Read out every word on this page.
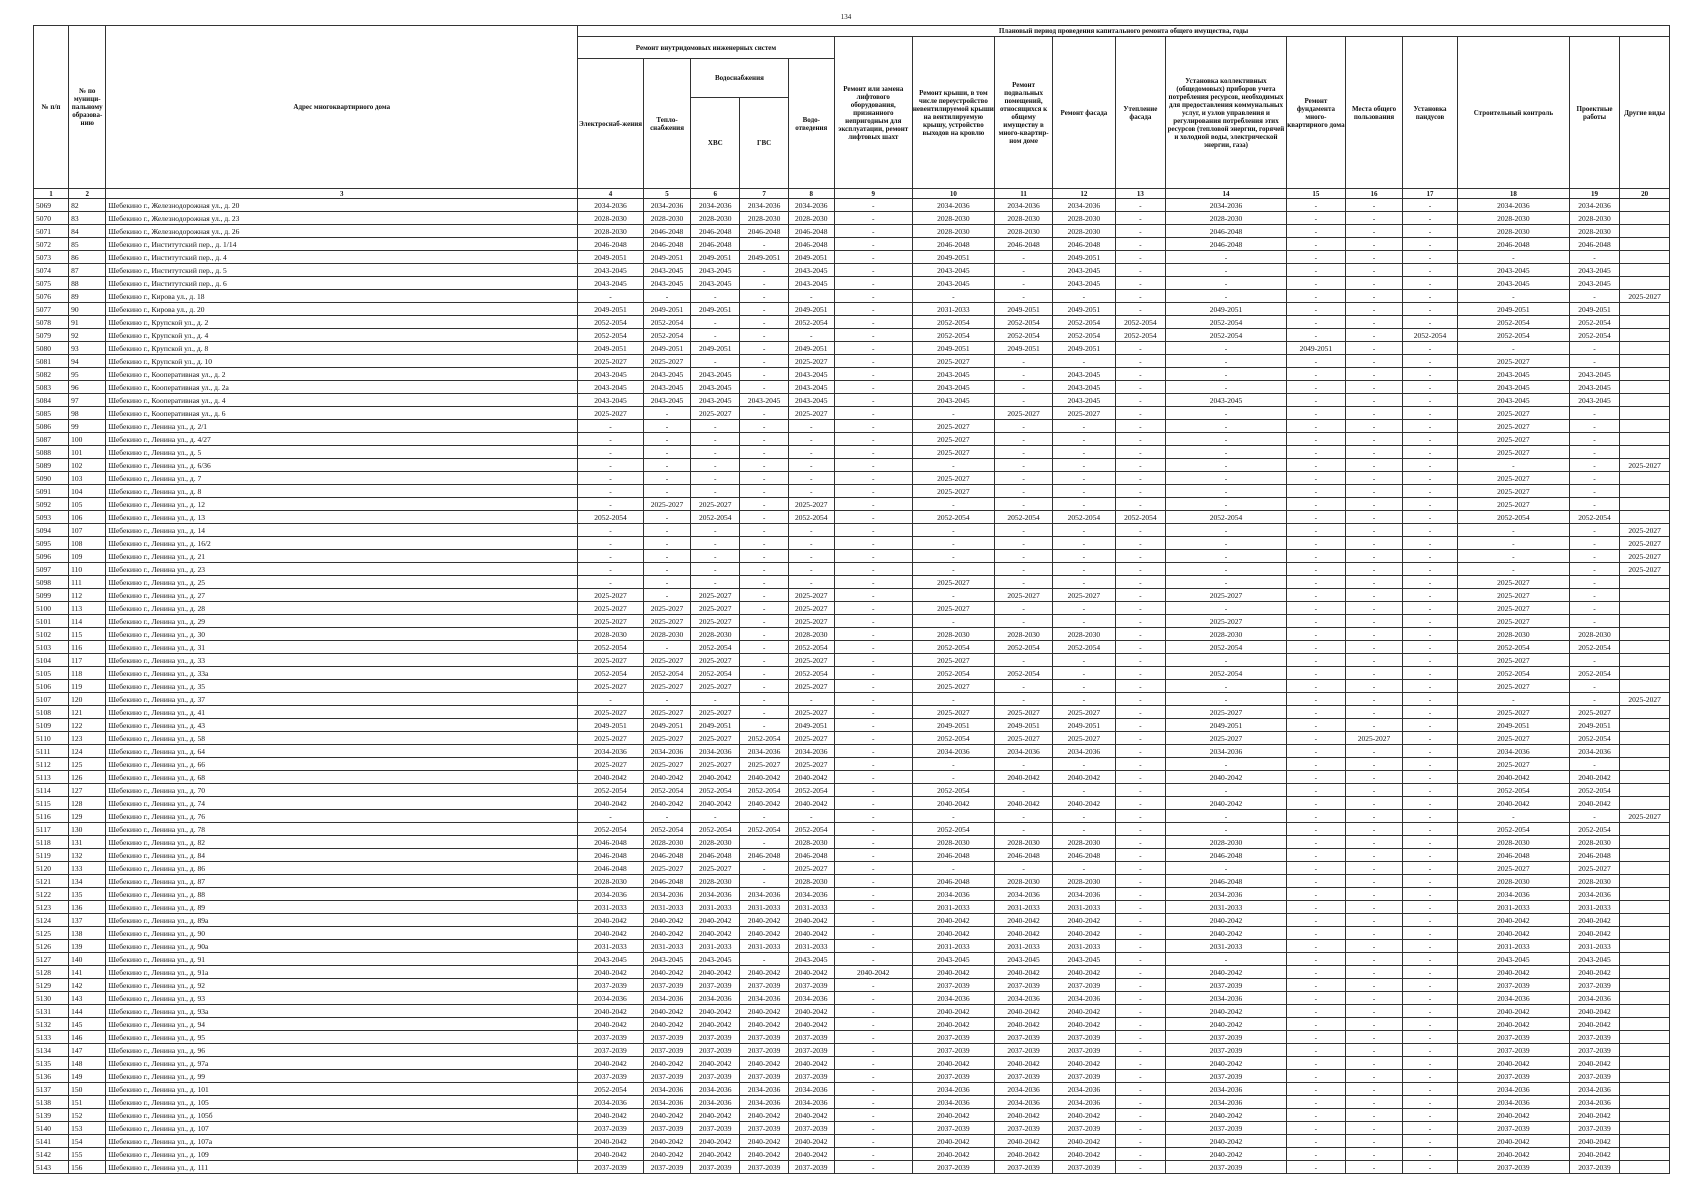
134
№ п/п	№ по муници-пальному образова-нию	Адрес многоквартирного дома	Плановый период проведения капитального ремонта общего имущества, годы																
			Ремонт внутридомовых инженерных систем					Ремонт или замена лифтового оборудования, признанного непригодным для эксплуатации, ремонт лифтовых шахт	Ремонт крыши, в том числе переустройство невентилируемой крыши на вентилируемую крышу, устройство выходов на кровлю	Ремонт подвальных помещений, относящихся к общему имуществу в много-квартир-ном доме	Ремонт фасада	Утепление фасада	Установка коллективных (общедомовых) приборов учета потребления ресурсов, необходимых для предоставления коммунальных услуг, и узлов управления и регулирования потребления этих ресурсов (тепловой энергии, горячей и холодной воды, электрической энергии, газа)	Ремонт фундамента много-квартирного дома	Места общего пользования	Установка пандусов	Строительный контроль	Проектные работы	Другие виды
			Электроснаб-жения	Тепло-снабжения	Водоснабжения		Водо-отведения												
					ХВС	ГВС													
1	2	3	4	5	6	7	8	9	10	11	12	13	14	15	16	17	18	19	20
5069	82	Шебекино г., Железнодорожная ул., д. 20	2034-2036	2034-2036	2034-2036	2034-2036	2034-2036	-	2034-2036	2034-2036	2034-2036	-	2034-2036	-	-	-	2034-2036	2034-2036	
5070	83	Шебекино г., Железнодорожная ул., д. 23	2028-2030	2028-2030	2028-2030	2028-2030	2028-2030	-	2028-2030	2028-2030	2028-2030	-	2028-2030	-	-	-	2028-2030	2028-2030	
5071	84	Шебекино г., Железнодорожная ул., д. 26	2028-2030	2046-2048	2046-2048	2046-2048	2046-2048	-	2028-2030	2028-2030	2028-2030	-	2046-2048	-	-	-	2028-2030	2028-2030	
5072	85	Шебекино г., Институтский пер., д. 1/14	2046-2048	2046-2048	2046-2048	-	2046-2048	-	2046-2048	2046-2048	2046-2048	-	2046-2048	-	-	-	2046-2048	2046-2048	
5073	86	Шебекино г., Институтский пер., д. 4	2049-2051	2049-2051	2049-2051	2049-2051	2049-2051	-	2049-2051	-	2049-2051	-	-	-	-	-	-	-	
5074	87	Шебекино г., Институтский пер., д. 5	2043-2045	2043-2045	2043-2045	-	2043-2045	-	2043-2045	-	2043-2045	-	-	-	-	-	2043-2045	2043-2045	
5075	88	Шебекино г., Институтский пер., д. 6	2043-2045	2043-2045	2043-2045	-	2043-2045	-	2043-2045	-	2043-2045	-	-	-	-	-	2043-2045	2043-2045	
5076	89	Шебекино г., Кирова ул., д. 18	-	-	-	-	-	-	-	-	-	-	-	-	-	-	-	-	2025-2027
5077	90	Шебекино г., Кирова ул., д. 20	2049-2051	2049-2051	2049-2051	-	2049-2051	-	2031-2033	2049-2051	2049-2051	-	2049-2051	-	-	-	2049-2051	2049-2051	
5078	91	Шебекино г., Крупской ул., д. 2	2052-2054	2052-2054	-	-	2052-2054	-	2052-2054	2052-2054	2052-2054	2052-2054	2052-2054	-	-	-	2052-2054	2052-2054	
5079	92	Шебекино г., Крупской ул., д. 4	2052-2054	2052-2054	-	-	-	-	2052-2054	2052-2054	2052-2054	2052-2054	2052-2054	-	-	2052-2054	2052-2054	2052-2054	
5080	93	Шебекино г., Крупской ул., д. 8	2049-2051	2049-2051	2049-2051	-	2049-2051	-	2049-2051	2049-2051	2049-2051	-	-	2049-2051	-	-	-	-	
5081	94	Шебекино г., Крупской ул., д. 10	2025-2027	2025-2027	-	-	2025-2027	-	2025-2027	-	-	-	-	-	-	-	2025-2027	-	
5082	95	Шебекино г., Кооперативная ул., д. 2	2043-2045	2043-2045	2043-2045	-	2043-2045	-	2043-2045	-	2043-2045	-	-	-	-	-	2043-2045	2043-2045	
5083	96	Шебекино г., Кооперативная ул., д. 2а	2043-2045	2043-2045	2043-2045	-	2043-2045	-	2043-2045	-	2043-2045	-	-	-	-	-	2043-2045	2043-2045	
5084	97	Шебекино г., Кооперативная ул., д. 4	2043-2045	2043-2045	2043-2045	2043-2045	2043-2045	-	2043-2045	-	2043-2045	-	2043-2045	-	-	-	2043-2045	2043-2045	
5085	98	Шебекино г., Кооперативная ул., д. 6	2025-2027	-	2025-2027	-	2025-2027	-	-	2025-2027	2025-2027	-	-	-	-	-	2025-2027	-	
5086	99	Шебекино г., Ленина ул., д. 2/1	-	-	-	-	-	-	2025-2027	-	-	-	-	-	-	-	2025-2027	-	
5087	100	Шебекино г., Ленина ул., д. 4/27	-	-	-	-	-	-	2025-2027	-	-	-	-	-	-	-	2025-2027	-	
5088	101	Шебекино г., Ленина ул., д. 5	-	-	-	-	-	-	2025-2027	-	-	-	-	-	-	-	2025-2027	-	
5089	102	Шебекино г., Ленина ул., д. 6/36	-	-	-	-	-	-	-	-	-	-	-	-	-	-	-	-	2025-2027
5090	103	Шебекино г., Ленина ул., д. 7	-	-	-	-	-	-	2025-2027	-	-	-	-	-	-	-	2025-2027	-	
5091	104	Шебекино г., Ленина ул., д. 8	-	-	-	-	-	-	2025-2027	-	-	-	-	-	-	-	2025-2027	-	
5092	105	Шебекино г., Ленина ул., д. 12	-	2025-2027	2025-2027	-	2025-2027	-	-	-	-	-	-	-	-	-	2025-2027	-	
5093	106	Шебекино г., Ленина ул., д. 13	2052-2054	-	2052-2054	-	2052-2054	-	2052-2054	2052-2054	2052-2054	2052-2054	2052-2054	-	-	-	2052-2054	2052-2054	
5094	107	Шебекино г., Ленина ул., д. 14	-	-	-	-	-	-	-	-	-	-	-	-	-	-	-	-	2025-2027
5095	108	Шебекино г., Ленина ул., д. 16/2	-	-	-	-	-	-	-	-	-	-	-	-	-	-	-	-	2025-2027
5096	109	Шебекино г., Ленина ул., д. 21	-	-	-	-	-	-	-	-	-	-	-	-	-	-	-	-	2025-2027
5097	110	Шебекино г., Ленина ул., д. 23	-	-	-	-	-	-	-	-	-	-	-	-	-	-	-	-	2025-2027
5098	111	Шебекино г., Ленина ул., д. 25	-	-	-	-	-	-	2025-2027	-	-	-	-	-	-	-	2025-2027	-	
5099	112	Шебекино г., Ленина ул., д. 27	2025-2027	-	2025-2027	-	2025-2027	-	-	2025-2027	2025-2027	-	2025-2027	-	-	-	2025-2027	-	
5100	113	Шебекино г., Ленина ул., д. 28	2025-2027	2025-2027	2025-2027	-	2025-2027	-	2025-2027	-	-	-	-	-	-	-	2025-2027	-	
5101	114	Шебекино г., Ленина ул., д. 29	2025-2027	2025-2027	2025-2027	-	2025-2027	-	-	-	-	-	2025-2027	-	-	-	2025-2027	-	
5102	115	Шебекино г., Ленина ул., д. 30	2028-2030	2028-2030	2028-2030	-	2028-2030	-	2028-2030	2028-2030	2028-2030	-	2028-2030	-	-	-	2028-2030	2028-2030	
5103	116	Шебекино г., Ленина ул., д. 31	2052-2054	-	2052-2054	-	2052-2054	-	2052-2054	2052-2054	2052-2054	-	2052-2054	-	-	-	2052-2054	2052-2054	
5104	117	Шебекино г., Ленина ул., д. 33	2025-2027	2025-2027	2025-2027	-	2025-2027	-	2025-2027	-	-	-	-	-	-	-	2025-2027	-	
5105	118	Шебекино г., Ленина ул., д. 33а	2052-2054	2052-2054	2052-2054	-	2052-2054	-	2052-2054	2052-2054	-	-	2052-2054	-	-	-	2052-2054	2052-2054	
5106	119	Шебекино г., Ленина ул., д. 35	2025-2027	2025-2027	2025-2027	-	2025-2027	-	2025-2027	-	-	-	-	-	-	-	2025-2027	-	
5107	120	Шебекино г., Ленина ул., д. 37	-	-	-	-	-	-	-	-	-	-	-	-	-	-	-	-	2025-2027
5108	121	Шебекино г., Ленина ул., д. 41	2025-2027	2025-2027	2025-2027	-	2025-2027	-	2025-2027	2025-2027	2025-2027	-	2025-2027	-	-	-	2025-2027	2025-2027	
5109	122	Шебекино г., Ленина ул., д. 43	2049-2051	2049-2051	2049-2051	-	2049-2051	-	2049-2051	2049-2051	2049-2051	-	2049-2051	-	-	-	2049-2051	2049-2051	
5110	123	Шебекино г., Ленина ул., д. 58	2025-2027	2025-2027	2025-2027	2052-2054	2025-2027	-	2052-2054	2025-2027	2025-2027	-	2025-2027	-	2025-2027	-	2025-2027	2052-2054	
5111	124	Шебекино г., Ленина ул., д. 64	2034-2036	2034-2036	2034-2036	2034-2036	2034-2036	-	2034-2036	2034-2036	2034-2036	-	2034-2036	-	-	-	2034-2036	2034-2036	
5112	125	Шебекино г., Ленина ул., д. 66	2025-2027	2025-2027	2025-2027	2025-2027	2025-2027	-	-	-	-	-	-	-	-	-	2025-2027	-	
5113	126	Шебекино г., Ленина ул., д. 68	2040-2042	2040-2042	2040-2042	2040-2042	2040-2042	-	-	2040-2042	2040-2042	-	2040-2042	-	-	-	2040-2042	2040-2042	
5114	127	Шебекино г., Ленина ул., д. 70	2052-2054	2052-2054	2052-2054	2052-2054	2052-2054	-	2052-2054	-	-	-	-	-	-	-	2052-2054	2052-2054	
5115	128	Шебекино г., Ленина ул., д. 74	2040-2042	2040-2042	2040-2042	2040-2042	2040-2042	-	2040-2042	2040-2042	2040-2042	-	2040-2042	-	-	-	2040-2042	2040-2042	
5116	129	Шебекино г., Ленина ул., д. 76	-	-	-	-	-	-	-	-	-	-	-	-	-	-	-	-	2025-2027
5117	130	Шебекино г., Ленина ул., д. 78	2052-2054	2052-2054	2052-2054	2052-2054	2052-2054	-	2052-2054	-	-	-	-	-	-	-	2052-2054	2052-2054	
5118	131	Шебекино г., Ленина ул., д. 82	2046-2048	2028-2030	2028-2030	-	2028-2030	-	2028-2030	2028-2030	2028-2030	-	2028-2030	-	-	-	2028-2030	2028-2030	
5119	132	Шебекино г., Ленина ул., д. 84	2046-2048	2046-2048	2046-2048	2046-2048	2046-2048	-	2046-2048	2046-2048	2046-2048	-	2046-2048	-	-	-	2046-2048	2046-2048	
5120	133	Шебекино г., Ленина ул., д. 86	2046-2048	2025-2027	2025-2027	-	2025-2027	-	-	-	-	-	-	-	-	-	2025-2027	2025-2027	
5121	134	Шебекино г., Ленина ул., д. 87	2028-2030	2046-2048	2028-2030	-	2028-2030	-	2046-2048	2028-2030	2028-2030	-	2046-2048	-	-	-	2028-2030	2028-2030	
5122	135	Шебекино г., Ленина ул., д. 88	2034-2036	2034-2036	2034-2036	2034-2036	2034-2036	-	2034-2036	2034-2036	2034-2036	-	2034-2036	-	-	-	2034-2036	2034-2036	
5123	136	Шебекино г., Ленина ул., д. 89	2031-2033	2031-2033	2031-2033	2031-2033	2031-2033	-	2031-2033	2031-2033	2031-2033	-	2031-2033	-	-	-	2031-2033	2031-2033	
5124	137	Шебекино г., Ленина ул., д. 89а	2040-2042	2040-2042	2040-2042	2040-2042	2040-2042	-	2040-2042	2040-2042	2040-2042	-	2040-2042	-	-	-	2040-2042	2040-2042	
5125	138	Шебекино г., Ленина ул., д. 90	2040-2042	2040-2042	2040-2042	2040-2042	2040-2042	-	2040-2042	2040-2042	2040-2042	-	2040-2042	-	-	-	2040-2042	2040-2042	
5126	139	Шебекино г., Ленина ул., д. 90а	2031-2033	2031-2033	2031-2033	2031-2033	2031-2033	-	2031-2033	2031-2033	2031-2033	-	2031-2033	-	-	-	2031-2033	2031-2033	
5127	140	Шебекино г., Ленина ул., д. 91	2043-2045	2043-2045	2043-2045	-	2043-2045	-	2043-2045	2043-2045	2043-2045	-	-	-	-	-	2043-2045	2043-2045	
5128	141	Шебекино г., Ленина ул., д. 91а	2040-2042	2040-2042	2040-2042	2040-2042	2040-2042	2040-2042	2040-2042	2040-2042	2040-2042	-	2040-2042	-	-	-	2040-2042	2040-2042	
5129	142	Шебекино г., Ленина ул., д. 92	2037-2039	2037-2039	2037-2039	2037-2039	2037-2039	-	2037-2039	2037-2039	2037-2039	-	2037-2039	-	-	-	2037-2039	2037-2039	
5130	143	Шебекино г., Ленина ул., д. 93	2034-2036	2034-2036	2034-2036	2034-2036	2034-2036	-	2034-2036	2034-2036	2034-2036	-	2034-2036	-	-	-	2034-2036	2034-2036	
5131	144	Шебекино г., Ленина ул., д. 93а	2040-2042	2040-2042	2040-2042	2040-2042	2040-2042	-	2040-2042	2040-2042	2040-2042	-	2040-2042	-	-	-	2040-2042	2040-2042	
5132	145	Шебекино г., Ленина ул., д. 94	2040-2042	2040-2042	2040-2042	2040-2042	2040-2042	-	2040-2042	2040-2042	2040-2042	-	2040-2042	-	-	-	2040-2042	2040-2042	
5133	146	Шебекино г., Ленина ул., д. 95	2037-2039	2037-2039	2037-2039	2037-2039	2037-2039	-	2037-2039	2037-2039	2037-2039	-	2037-2039	-	-	-	2037-2039	2037-2039	
5134	147	Шебекино г., Ленина ул., д. 96	2037-2039	2037-2039	2037-2039	2037-2039	2037-2039	-	2037-2039	2037-2039	2037-2039	-	2037-2039	-	-	-	2037-2039	2037-2039	
5135	148	Шебекино г., Ленина ул., д. 97а	2040-2042	2040-2042	2040-2042	2040-2042	2040-2042	-	2040-2042	2040-2042	2040-2042	-	2040-2042	-	-	-	2040-2042	2040-2042	
5136	149	Шебекино г., Ленина ул., д. 99	2037-2039	2037-2039	2037-2039	2037-2039	2037-2039	-	2037-2039	2037-2039	2037-2039	-	2037-2039	-	-	-	2037-2039	2037-2039	
5137	150	Шебекино г., Ленина ул., д. 101	2052-2054	2034-2036	2034-2036	2034-2036	2034-2036	-	2034-2036	2034-2036	2034-2036	-	2034-2036	-	-	-	2034-2036	2034-2036	
5138	151	Шебекино г., Ленина ул., д. 105	2034-2036	2034-2036	2034-2036	2034-2036	2034-2036	-	2034-2036	2034-2036	2034-2036	-	2034-2036	-	-	-	2034-2036	2034-2036	
5139	152	Шебекино г., Ленина ул., д. 105б	2040-2042	2040-2042	2040-2042	2040-2042	2040-2042	-	2040-2042	2040-2042	2040-2042	-	2040-2042	-	-	-	2040-2042	2040-2042	
5140	153	Шебекино г., Ленина ул., д. 107	2037-2039	2037-2039	2037-2039	2037-2039	2037-2039	-	2037-2039	2037-2039	2037-2039	-	2037-2039	-	-	-	2037-2039	2037-2039	
5141	154	Шебекино г., Ленина ул., д. 107а	2040-2042	2040-2042	2040-2042	2040-2042	2040-2042	-	2040-2042	2040-2042	2040-2042	-	2040-2042	-	-	-	2040-2042	2040-2042	
5142	155	Шебекино г., Ленина ул., д. 109	2040-2042	2040-2042	2040-2042	2040-2042	2040-2042	-	2040-2042	2040-2042	2040-2042	-	2040-2042	-	-	-	2040-2042	2040-2042	
5143	156	Шебекино г., Ленина ул., д. 111	2037-2039	2037-2039	2037-2039	2037-2039	2037-2039	-	2037-2039	2037-2039	2037-2039	-	2037-2039	-	-	-	2037-2039	2037-2039	
